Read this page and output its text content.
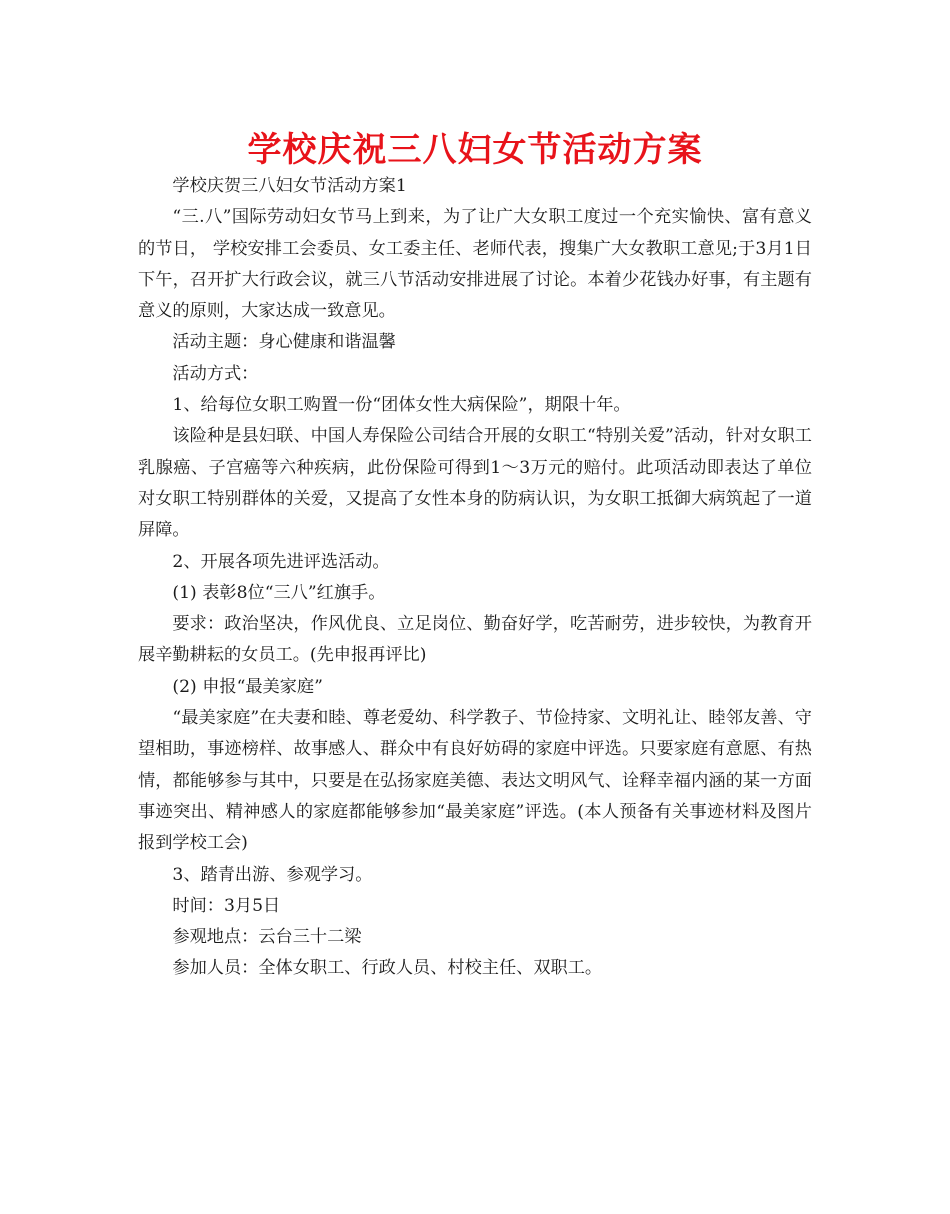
学校庆祝三八妇女节活动方案

学校庆贺三八妇女节活动方案1

“三.八”国际劳动妇女节马上到来，为了让广大女职工度过一个充实愉快、富有意义的节日， 学校安排工会委员、女工委主任、老师代表，搜集广大女教职工意见;于3月1日下午，召开扩大行政会议，就三八节活动安排进展了讨论。本着少花钱办好事，有主题有意义的原则，大家达成一致意见。

活动主题：身心健康和谐温馨

活动方式：

1、给每位女职工购置一份“团体女性大病保险”，期限十年。

该险种是县妇联、中国人寿保险公司结合开展的女职工“特别关爱”活动，针对女职工乳腺癌、子宫癌等六种疾病，此份保险可得到1～3万元的赔付。此项活动即表达了单位对女职工特别群体的关爱，又提高了女性本身的防病认识，为女职工抵御大病筑起了一道屏障。

2、开展各项先进评选活动。

(1) 表彰8位“三八”红旗手。

要求：政治坚决，作风优良、立足岗位、勤奋好学，吃苦耐劳，进步较快，为教育开展辛勤耕耘的女员工。(先申报再评比)

(2) 申报“最美家庭”

“最美家庭”在夫妻和睦、尊老爱幼、科学教子、节俭持家、文明礼让、睦邻友善、守望相助，事迹榜样、故事感人、群众中有良好妨碍的家庭中评选。只要家庭有意愿、有热情，都能够参与其中，只要是在弘扬家庭美德、表达文明风气、诠释幸福内涵的某一方面事迹突出、精神感人的家庭都能够参加“最美家庭”评选。(本人预备有关事迹材料及图片报到学校工会)

3、踏青出游、参观学习。

时间：3月5日

参观地点：云台三十二梁

参加人员：全体女职工、行政人员、村校主任、双职工。
